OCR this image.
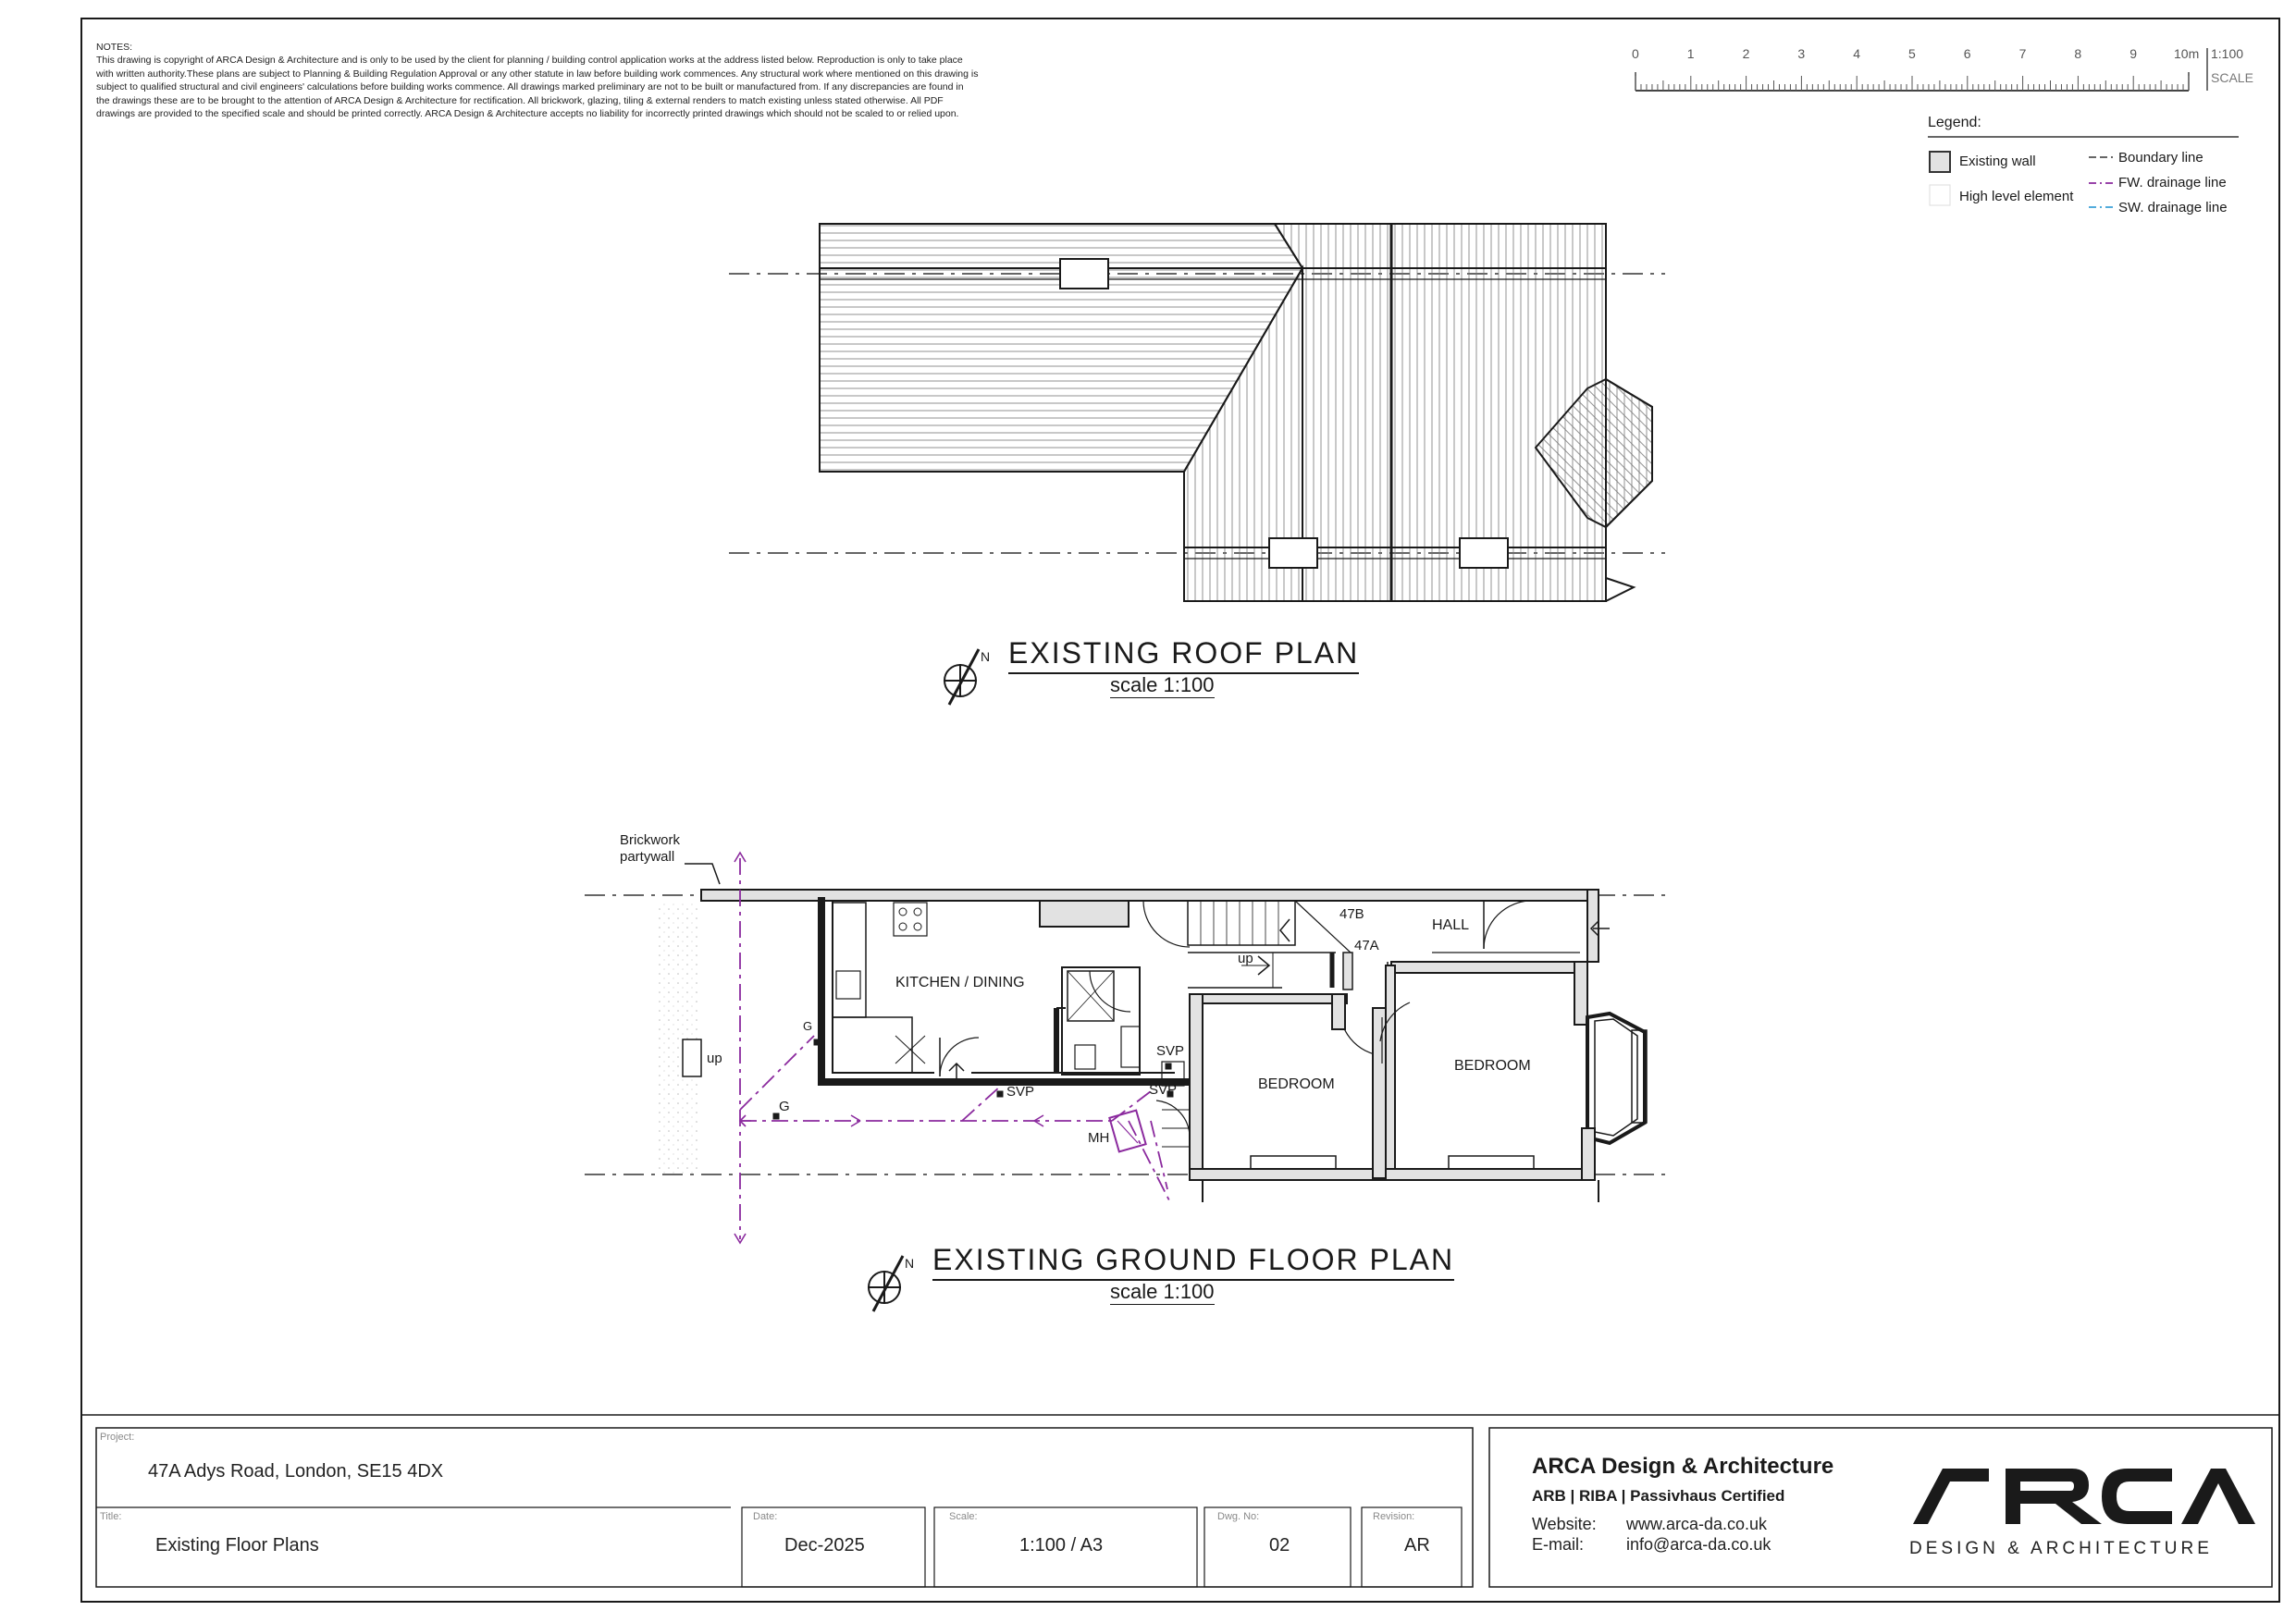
NOTES:
This drawing is copyright of ARCA Design & Architecture and is only to be used by the client for planning / building control application works at the address listed below. Reproduction is only to take place
with written authority.These plans are subject to Planning & Building Regulation Approval or any other statute in law before building work commences. Any structural work where mentioned on this drawing is
subject to qualified structural and civil engineers' calculations before building works commence. All drawings marked preliminary are not to be built or manufactured from. If any discrepancies are found in
the drawings these are to be brought to the attention of ARCA Design & Architecture for rectification. All brickwork, glazing, tiling & external renders to match existing unless stated otherwise. All PDF
drawings are provided to the specified scale and should be printed correctly. ARCA Design & Architecture accepts no liability for incorrectly printed drawings which should not be scaled to or relied upon.
0	1	2	3	4	5	6	7	8	9	10m 1:100
SCALE
Legend:
Existing wall
High level element
Boundary line
FW. drainage line
SW. drainage line
N EXISTING ROOF PLAN
scale 1:100
Brickwork
partywall
KITCHEN / DINING
HALL
BEDROOM
BEDROOM
47B
47A
up
up
G
G
SVP
SVP
SVP
MH
N EXISTING GROUND FLOOR PLAN
scale 1:100
Project:
47A Adys Road, London, SE15 4DX
Title:
Existing Floor Plans
Date:
Dec-2025
Scale:
1:100 / A3
Dwg. No:
02
Revision:
AR
ARCA Design & Architecture
ARB | RIBA | Passivhaus Certified
Website: www.arca-da.co.uk
E-mail:	info@arca-da.co.uk	DESIGN & ARCHITECTURE
